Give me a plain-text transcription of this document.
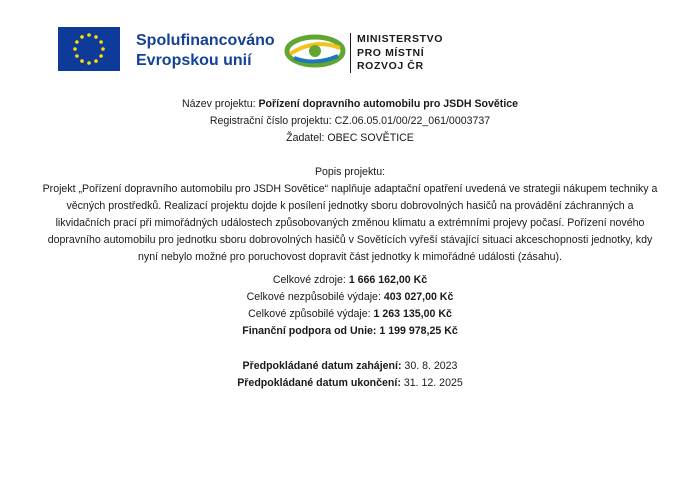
Spolufinancováno
Evropskou unií
MINISTERSTVO
PRO MÍSTNÍ
ROZVOJ ČR
Název projektu: Pořízení dopravního automobilu pro JSDH Sovětice
Registrační číslo projektu: CZ.06.05.01/00/22_061/0003737
Žadatel: OBEC SOVĚTICE
Popis projektu:

Projekt „Pořízení dopravního automobilu pro JSDH Sovětice“ naplňuje adaptační opatření uvedená ve strategii nákupem techniky a věcných prostředků. Realizací projektu dojde k posílení jednotky sboru dobrovolných hasičů na provádění záchranných a likvidačních prací při mimořádných událostech způsobovaných změnou klimatu a extrémními projevy počasí. Pořízení nového dopravního automobilu pro jednotku sboru dobrovolných hasičů v Sovětících vyřeší stávající situaci akceschopnosti jednotky, kdy nyní nebylo možné pro poruchovost dopravit část jednotky k mimořádné události (zásahu).

Celkové zdroje: 1 666 162,00 Kč
Celkové nezpůsobilé výdaje: 403 027,00 Kč
Celkové způsobilé výdaje: 1 263 135,00 Kč
Finanční podpora od Unie: 1 199 978,25 Kč
Předpokládané datum zahájení: 30. 8. 2023
Předpokládané datum ukončení: 31. 12. 2025
